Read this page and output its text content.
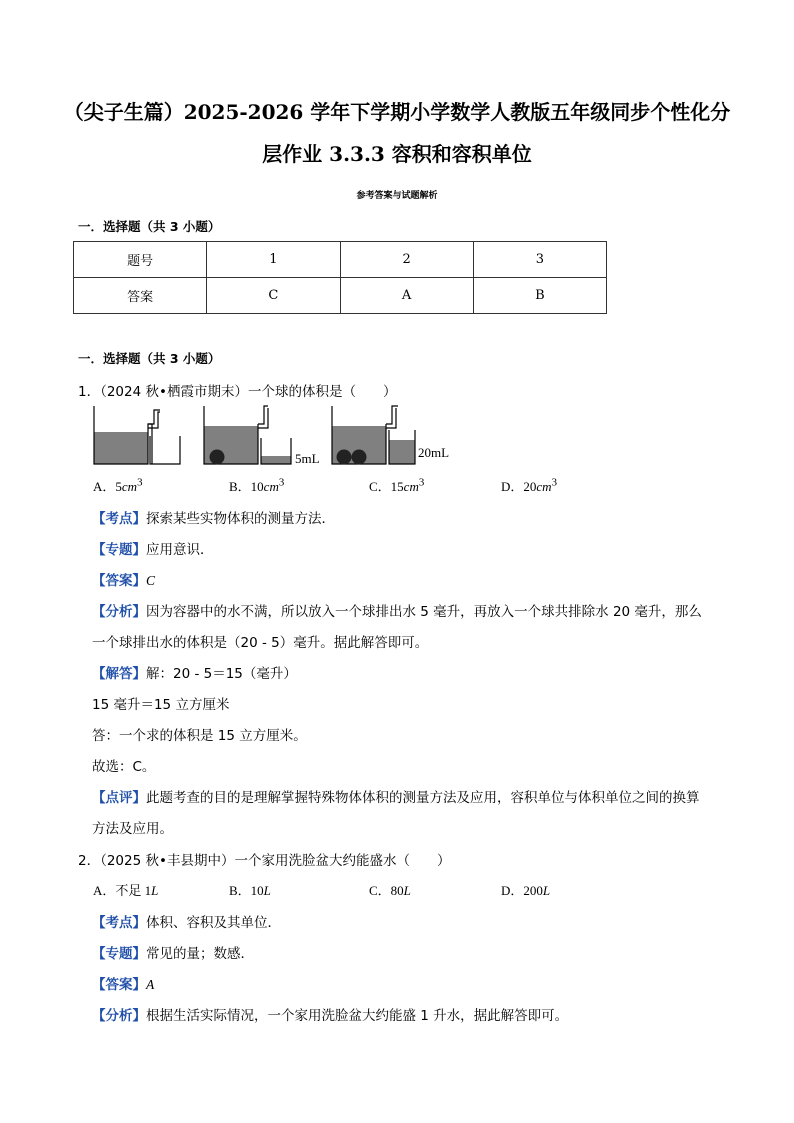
（尖子生篇）2025-2026 学年下学期小学数学人教版五年级同步个性化分
层作业 3.3.3 容积和容积单位
参考答案与试题解析
一．选择题（共 3 小题）
题号	1	2	3
答案	C	A	B
一．选择题（共 3 小题）
1．（2024 秋•栖霞市期末）一个球的体积是（　　）
5mL	20mL
A．$5cm^3$	B．$10cm^3$	C．$15cm^3$	D．$20cm^3$
【考点】探索某些实物体积的测量方法．
【专题】应用意识．
【答案】C
【分析】因为容器中的水不满，所以放入一个球排出水 5 毫升，再放入一个球共排除水 20 毫升，那么
一个球排出水的体积是（20 - 5）毫升。据此解答即可。
【解答】解：20 - 5＝15（毫升）
15 毫升＝15 立方厘米
答：一个求的体积是 15 立方厘米。
故选：C。
【点评】此题考查的目的是理解掌握特殊物体体积的测量方法及应用，容积单位与体积单位之间的换算
方法及应用。
2．（2025 秋•丰县期中）一个家用洗脸盆大约能盛水（　　）
A．不足 1L	B．10L	C．80L	D．200L
【考点】体积、容积及其单位．
【专题】常见的量；数感．
【答案】A
【分析】根据生活实际情况，一个家用洗脸盆大约能盛 1 升水，据此解答即可。
